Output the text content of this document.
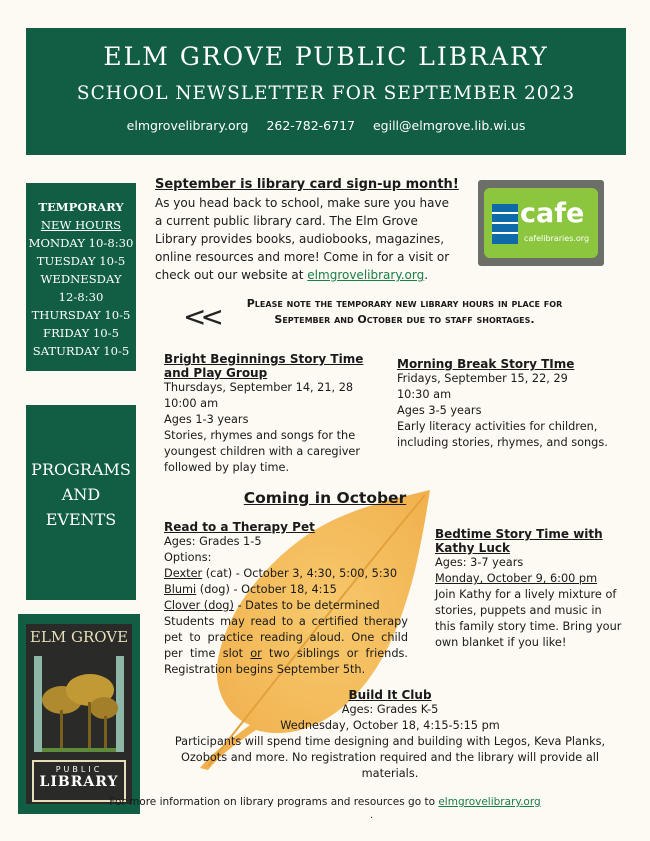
ELM GROVE PUBLIC LIBRARY
SCHOOL NEWSLETTER FOR SEPTEMBER 2023
elmgrovelibrary.org 262-782-6717 egill@elmgrove.lib.wi.us
TEMPORARY
NEW HOURS
MONDAY 10-8:30
TUESDAY 10-5
WEDNESDAY
12-8:30
THURSDAY 10-5
FRIDAY 10-5
SATURDAY 10-5
PROGRAMS
AND
EVENTS
ELM GROVE
PUBLIC
LIBRARY
September is library card sign-up month!
As you head back to school, make sure you have a current public library card. The Elm Grove Library provides books, audiobooks, magazines, online resources and more! Come in for a visit or check out our website at elmgrovelibrary.org.
cafe
cafelibraries.org
<<	Please note the temporary new library hours in place for September and October due to staff shortages.
Bright Beginnings Story Time and Play Group
Thursdays, September 14, 21, 28
10:00 am
Ages 1-3 years
Stories, rhymes and songs for the youngest children with a caregiver followed by play time.
Morning Break Story TIme
Fridays, September 15, 22, 29
10:30 am
Ages 3-5 years
Early literacy activities for children, including stories, rhymes, and songs.
Coming in October
Read to a Therapy Pet
Ages: Grades 1-5
Options:
Dexter (cat) - October 3, 4:30, 5:00, 5:30
Blumi (dog) - October 18, 4:15
Clover (dog) - Dates to be determined
Students may read to a certified therapy pet to practice reading aloud. One child per time slot or two siblings or friends. Registration begins September 5th.
Bedtime Story Time with Kathy Luck
Ages: 3-7 years
Monday, October 9, 6:00 pm
Join Kathy for a lively mixture of stories, puppets and music in this family story time. Bring your own blanket if you like!
Build It Club
Ages: Grades K-5
Wednesday, October 18, 4:15-5:15 pm
Participants will spend time designing and building with Legos, Keva Planks, Ozobots and more. No registration required and the library will provide all materials.
For more information on library programs and resources go to elmgrovelibrary.org
.
